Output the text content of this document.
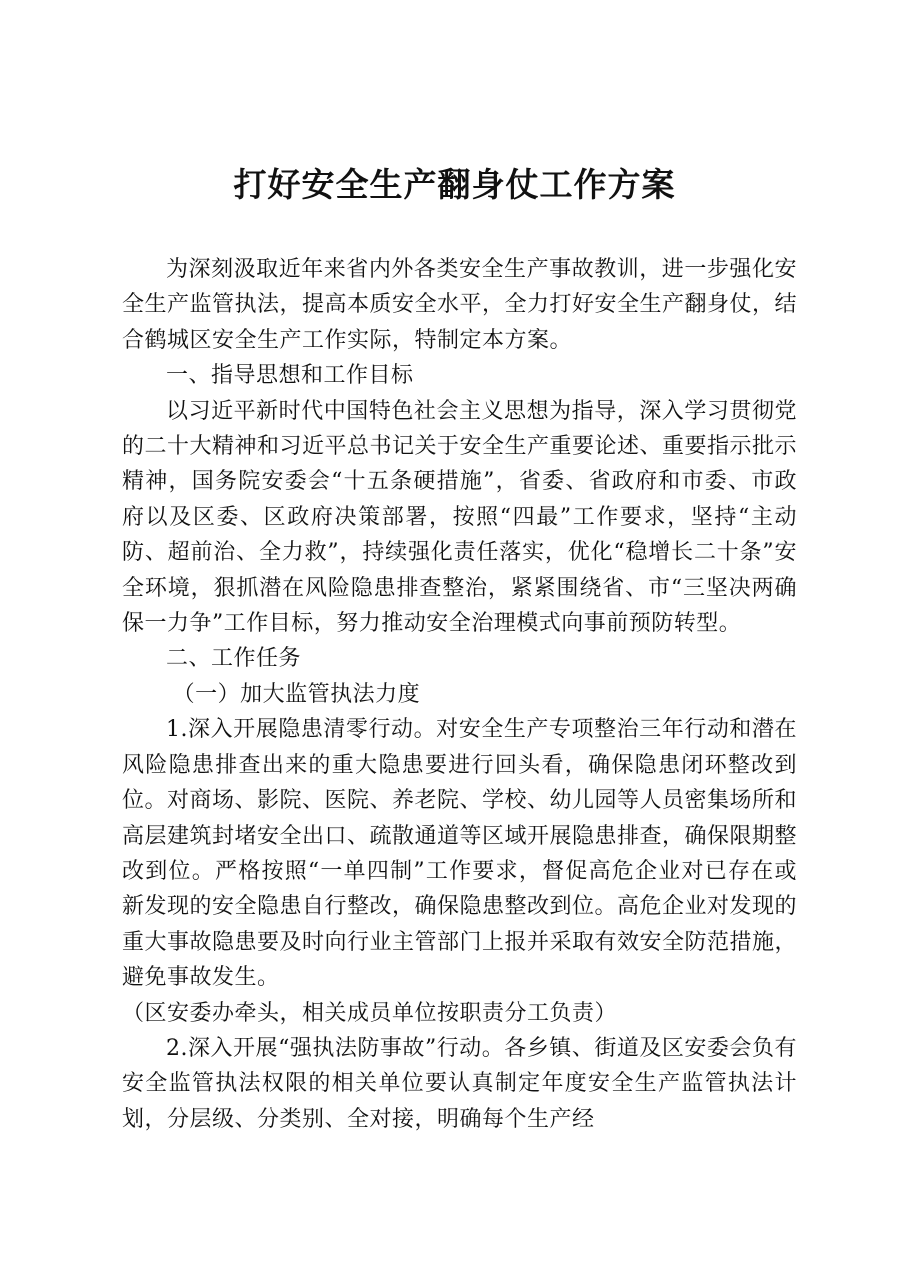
打好安全生产翻身仗工作方案

为深刻汲取近年来省内外各类安全生产事故教训，进一步强化安全生产监管执法，提高本质安全水平，全力打好安全生产翻身仗，结合鹤城区安全生产工作实际，特制定本方案。

一、指导思想和工作目标

以习近平新时代中国特色社会主义思想为指导，深入学习贯彻党的二十大精神和习近平总书记关于安全生产重要论述、重要指示批示精神，国务院安委会“十五条硬措施”，省委、省政府和市委、市政府以及区委、区政府决策部署，按照“四最”工作要求，坚持“主动防、超前治、全力救”，持续强化责任落实，优化“稳增长二十条”安全环境，狠抓潜在风险隐患排查整治，紧紧围绕省、市“三坚决两确保一力争”工作目标，努力推动安全治理模式向事前预防转型。

二、工作任务

（一）加大监管执法力度

1.深入开展隐患清零行动。对安全生产专项整治三年行动和潜在风险隐患排查出来的重大隐患要进行回头看，确保隐患闭环整改到位。对商场、影院、医院、养老院、学校、幼儿园等人员密集场所和高层建筑封堵安全出口、疏散通道等区域开展隐患排查，确保限期整改到位。严格按照“一单四制”工作要求，督促高危企业对已存在或新发现的安全隐患自行整改，确保隐患整改到位。高危企业对发现的重大事故隐患要及时向行业主管部门上报并采取有效安全防范措施，避免事故发生。

（区安委办牵头，相关成员单位按职责分工负责）

2.深入开展“强执法防事故”行动。各乡镇、街道及区安委会负有安全监管执法权限的相关单位要认真制定年度安全生产监管执法计划，分层级、分类别、全对接，明确每个生产经
